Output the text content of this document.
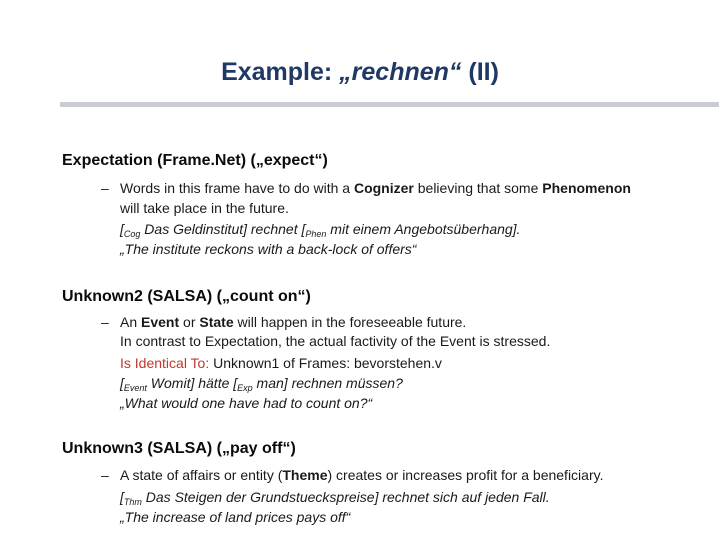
Example: „rechnen“ (II)
Expectation (Frame.Net) („expect“)
– Words in this frame have to do with a Cognizer believing that some Phenomenon
will take place in the future.
[$_{Cog}$ Das Geldinstitut] rechnet [$_{Phen}$ mit einem Angebotsüberhang].
„The institute reckons with a back-lock of offers“
Unknown2 (SALSA) („count on“)
– An Event or State will happen in the foreseeable future.
In contrast to Expectation, the actual factivity of the Event is stressed.
Is Identical To: Unknown1 of Frames: bevorstehen.v
[$_{Event}$ Womit] hätte [$_{Exp}$ man] rechnen müssen?
„What would one have had to count on?“
Unknown3 (SALSA) („pay off“)
– A state of affairs or entity (Theme) creates or increases profit for a beneficiary.
[$_{Thm}$ Das Steigen der Grundstueckspreise] rechnet sich auf jeden Fall.
„The increase of land prices pays off“
